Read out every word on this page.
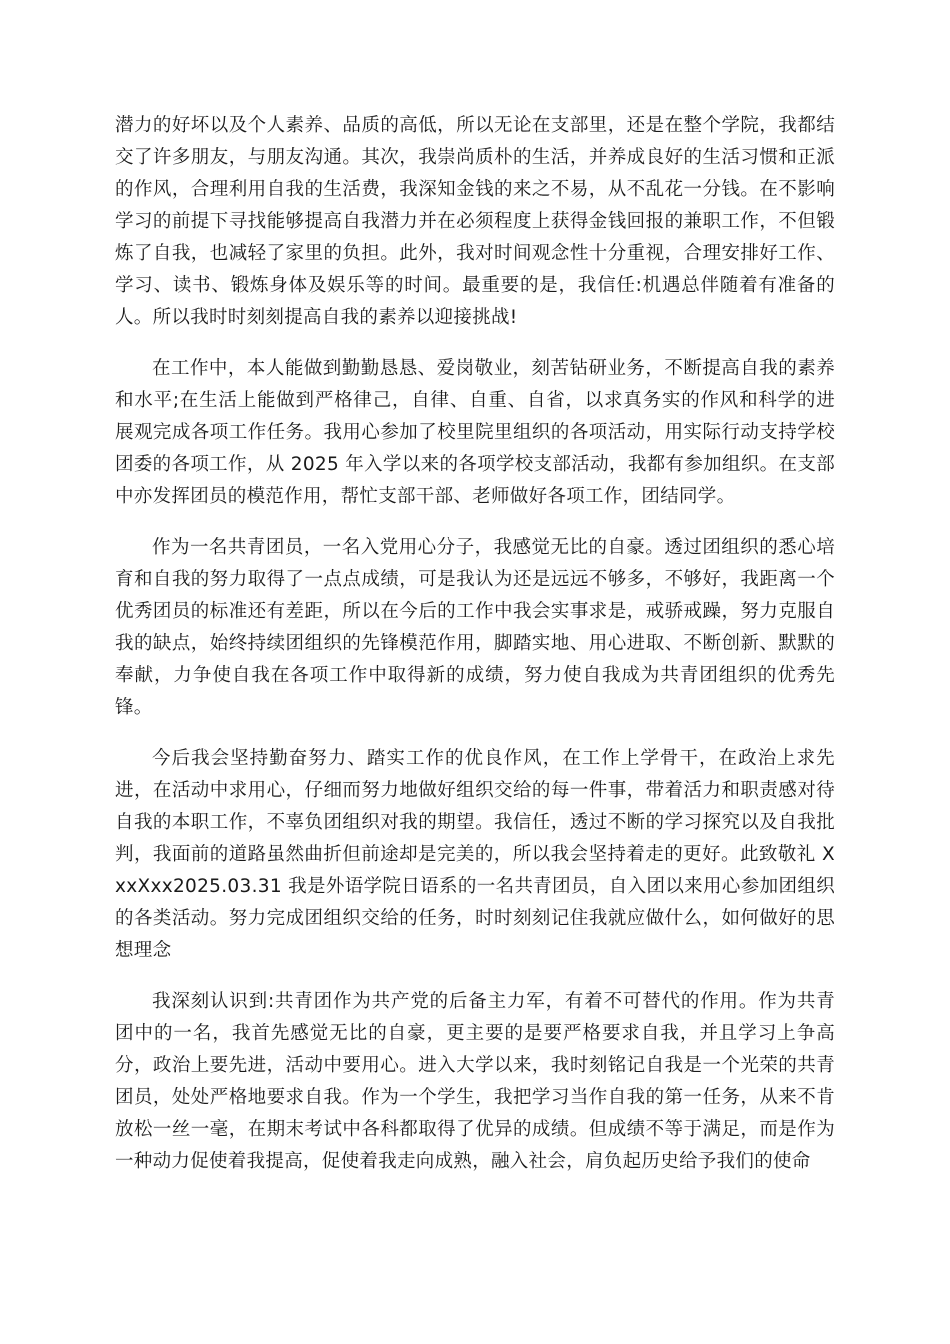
潜力的好坏以及个人素养、品质的高低，所以无论在支部里，还是在整个学院，我都结交了许多朋友，与朋友沟通。其次，我崇尚质朴的生活，并养成良好的生活习惯和正派的作风，合理利用自我的生活费，我深知金钱的来之不易，从不乱花一分钱。在不影响学习的前提下寻找能够提高自我潜力并在必须程度上获得金钱回报的兼职工作，不但锻炼了自我，也减轻了家里的负担。此外，我对时间观念性十分重视，合理安排好工作、学习、读书、锻炼身体及娱乐等的时间。最重要的是，我信任:机遇总伴随着有准备的人。所以我时时刻刻提高自我的素养以迎接挑战!

在工作中，本人能做到勤勤恳恳、爱岗敬业，刻苦钻研业务，不断提高自我的素养和水平;在生活上能做到严格律己，自律、自重、自省，以求真务实的作风和科学的进展观完成各项工作任务。我用心参加了校里院里组织的各项活动，用实际行动支持学校团委的各项工作，从 2025 年入学以来的各项学校支部活动，我都有参加组织。在支部中亦发挥团员的模范作用，帮忙支部干部、老师做好各项工作，团结同学。

作为一名共青团员，一名入党用心分子，我感觉无比的自豪。透过团组织的悉心培育和自我的努力取得了一点点成绩，可是我认为还是远远不够多，不够好，我距离一个优秀团员的标准还有差距，所以在今后的工作中我会实事求是，戒骄戒躁，努力克服自我的缺点，始终持续团组织的先锋模范作用，脚踏实地、用心进取、不断创新、默默的奉献，力争使自我在各项工作中取得新的成绩，努力使自我成为共青团组织的优秀先锋。

今后我会坚持勤奋努力、踏实工作的优良作风，在工作上学骨干，在政治上求先进，在活动中求用心，仔细而努力地做好组织交给的每一件事，带着活力和职责感对待自我的本职工作，不辜负团组织对我的期望。我信任，透过不断的学习探究以及自我批判，我面前的道路虽然曲折但前途却是完美的，所以我会坚持着走的更好。此致敬礼 XxxXxx2025.03.31 我是外语学院日语系的一名共青团员，自入团以来用心参加团组织的各类活动。努力完成团组织交给的任务，时时刻刻记住我就应做什么，如何做好的思想理念

我深刻认识到:共青团作为共产党的后备主力军，有着不可替代的作用。作为共青团中的一名，我首先感觉无比的自豪，更主要的是要严格要求自我，并且学习上争高分，政治上要先进，活动中要用心。进入大学以来，我时刻铭记自我是一个光荣的共青团员，处处严格地要求自我。作为一个学生，我把学习当作自我的第一任务，从来不肯放松一丝一毫，在期末考试中各科都取得了优异的成绩。但成绩不等于满足，而是作为一种动力促使着我提高，促使着我走向成熟，融入社会，肩负起历史给予我们的使命
